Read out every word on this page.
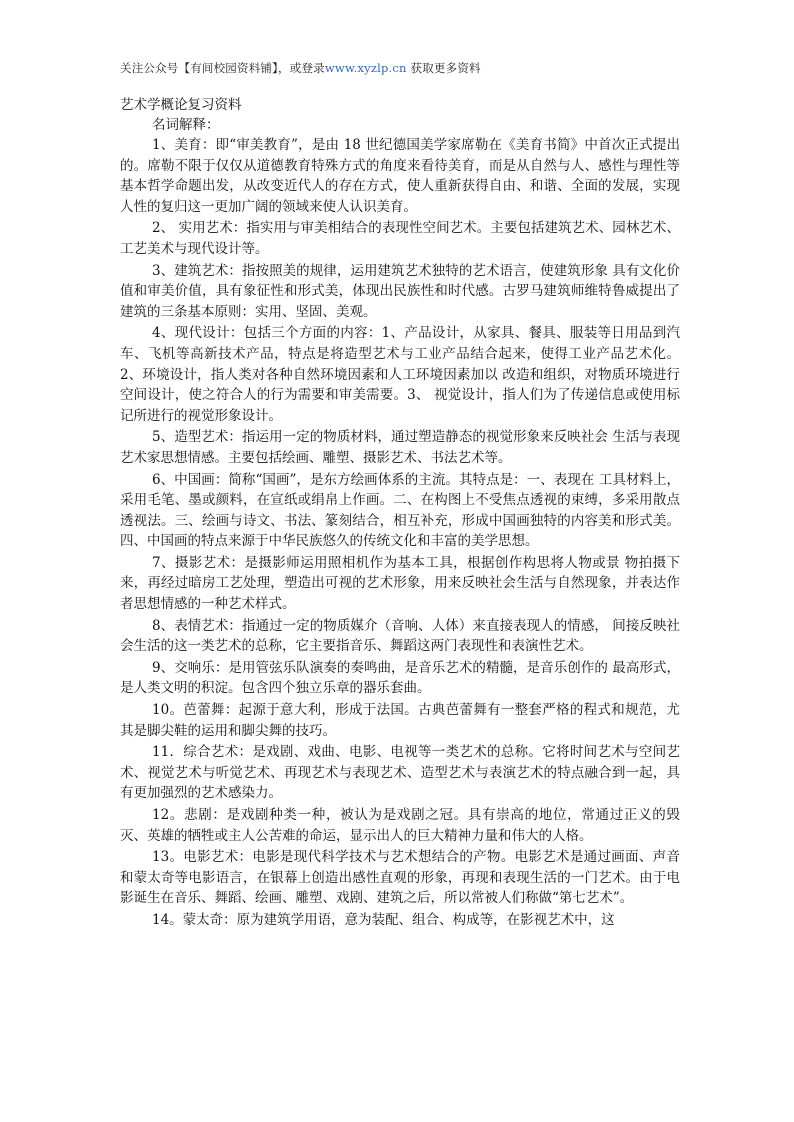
关注公众号【有间校园资料铺】，或登录www.xyzlp.cn 获取更多资料

艺术学概论复习资料

名词解释：

1、美育：即“审美教育”，是由 18 世纪德国美学家席勒在《美育书简》中首次正式提出的。席勒不限于仅仅从道德教育特殊方式的角度来看待美育，而是从自然与人、感性与理性等基本哲学命题出发，从改变近代人的存在方式，使人重新获得自由、和谐、全面的发展，实现人性的复归这一更加广阔的领域来使人认识美育。

2、 实用艺术：指实用与审美相结合的表现性空间艺术。主要包括建筑艺术、园林艺术、工艺美术与现代设计等。

3、建筑艺术：指按照美的规律，运用建筑艺术独特的艺术语言，使建筑形象 具有文化价值和审美价值，具有象征性和形式美，体现出民族性和时代感。古罗马建筑师维特鲁威提出了建筑的三条基本原则：实用、坚固、美观。

4、现代设计：包括三个方面的内容：1、产品设计，从家具、餐具、服装等日用品到汽车、飞机等高新技术产品，特点是将造型艺术与工业产品结合起来，使得工业产品艺术化。2、环境设计，指人类对各种自然环境因素和人工环境因素加以 改造和组织，对物质环境进行空间设计，使之符合人的行为需要和审美需要。3、 视觉设计，指人们为了传递信息或使用标记所进行的视觉形象设计。

5、造型艺术：指运用一定的物质材料，通过塑造静态的视觉形象来反映社会 生活与表现艺术家思想情感。主要包括绘画、雕塑、摄影艺术、书法艺术等。

6、中国画：简称“国画”，是东方绘画体系的主流。其特点是：一、表现在 工具材料上，采用毛笔、墨或颜料，在宣纸或绢帛上作画。二、在构图上不受焦点透视的束缚，多采用散点透视法。三、绘画与诗文、书法、篆刻结合，相互补充，形成中国画独特的内容美和形式美。四、中国画的特点来源于中华民族悠久的传统文化和丰富的美学思想。

7、摄影艺术：是摄影师运用照相机作为基本工具，根据创作构思将人物或景 物拍摄下来，再经过暗房工艺处理，塑造出可视的艺术形象，用来反映社会生活与自然现象，并表达作者思想情感的一种艺术样式。

8、表情艺术：指通过一定的物质媒介（音响、人体）来直接表现人的情感， 间接反映社会生活的这一类艺术的总称，它主要指音乐、舞蹈这两门表现性和表演性艺术。

9、交响乐：是用管弦乐队演奏的奏鸣曲，是音乐艺术的精髓，是音乐创作的 最高形式，是人类文明的积淀。包含四个独立乐章的器乐套曲。

10。芭蕾舞：起源于意大利，形成于法国。古典芭蕾舞有一整套严格的程式和规范，尤其是脚尖鞋的运用和脚尖舞的技巧。

11．综合艺术：是戏剧、戏曲、电影、电视等一类艺术的总称。它将时间艺术与空间艺术、视觉艺术与听觉艺术、再现艺术与表现艺术、造型艺术与表演艺术的特点融合到一起，具有更加强烈的艺术感染力。

12。悲剧：是戏剧种类一种，被认为是戏剧之冠。具有崇高的地位，常通过正义的毁灭、英雄的牺牲或主人公苦难的命运，显示出人的巨大精神力量和伟大的人格。

13。电影艺术：电影是现代科学技术与艺术想结合的产物。电影艺术是通过画面、声音和蒙太奇等电影语言，在银幕上创造出感性直观的形象，再现和表现生活的一门艺术。由于电影诞生在音乐、舞蹈、绘画、雕塑、戏剧、建筑之后，所以常被人们称做“第七艺术”。

14。蒙太奇：原为建筑学用语，意为装配、组合、构成等，在影视艺术中，这
